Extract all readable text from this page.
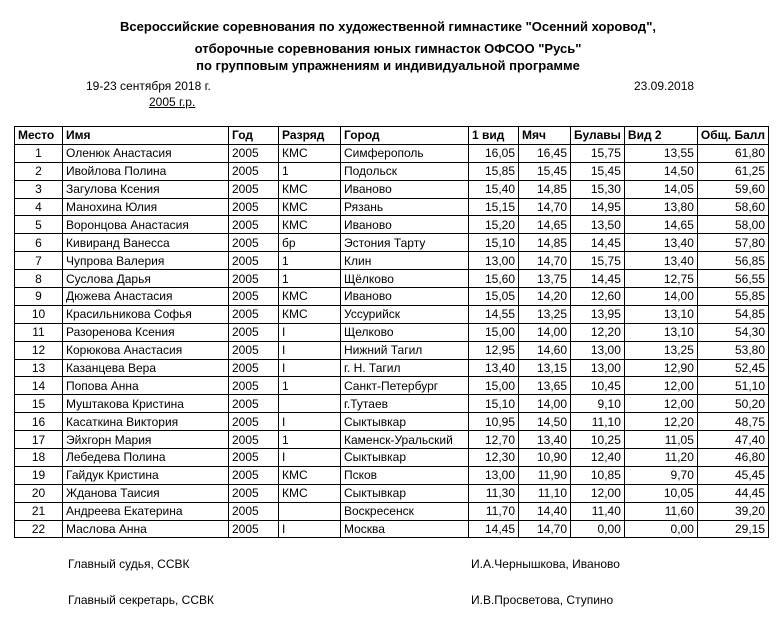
Всероссийские соревнования по художественной гимнастике "Осенний хоровод",
отборочные соревнования юных гимнасток ОФСОО "Русь"
по групповым упражнениям и индивидуальной программе
19-23 сентября 2018 г.	23.09.2018
2005 г.р.
Место	Имя	Год	Разряд	Город	1 вид	Мяч	Булавы	Вид 2	Общ. Балл
1	Оленюк Анастасия	2005	КМС	Симферополь	16,05	16,45	15,75	13,55	61,80
2	Ивойлова Полина	2005	1	Подольск	15,85	15,45	15,45	14,50	61,25
3	Загулова Ксения	2005	КМС	Иваново	15,40	14,85	15,30	14,05	59,60
4	Манохина Юлия	2005	КМС	Рязань	15,15	14,70	14,95	13,80	58,60
5	Воронцова Анастасия	2005	КМС	Иваново	15,20	14,65	13,50	14,65	58,00
6	Кивиранд Ванесса	2005	бр	Эстония Тарту	15,10	14,85	14,45	13,40	57,80
7	Чупрова Валерия	2005	1	Клин	13,00	14,70	15,75	13,40	56,85
8	Суслова Дарья	2005	1	Щёлково	15,60	13,75	14,45	12,75	56,55
9	Дюжева Анастасия	2005	КМС	Иваново	15,05	14,20	12,60	14,00	55,85
10	Красильникова Софья	2005	КМС	Уссурийск	14,55	13,25	13,95	13,10	54,85
11	Разоренова Ксения	2005	I	Щелково	15,00	14,00	12,20	13,10	54,30
12	Корюкова Анастасия	2005	I	Нижний Тагил	12,95	14,60	13,00	13,25	53,80
13	Казанцева Вера	2005	I	г. Н. Тагил	13,40	13,15	13,00	12,90	52,45
14	Попова Анна	2005	1	Санкт-Петербург	15,00	13,65	10,45	12,00	51,10
15	Муштакова Кристина	2005		г.Тутаев	15,10	14,00	9,10	12,00	50,20
16	Касаткина Виктория	2005	I	Сыктывкар	10,95	14,50	11,10	12,20	48,75
17	Эйхгорн Мария	2005	1	Каменск-Уральский	12,70	13,40	10,25	11,05	47,40
18	Лебедева Полина	2005	I	Сыктывкар	12,30	10,90	12,40	11,20	46,80
19	Гайдук Кристина	2005	КМС	Псков	13,00	11,90	10,85	9,70	45,45
20	Жданова Таисия	2005	КМС	Сыктывкар	11,30	11,10	12,00	10,05	44,45
21	Андреева Екатерина	2005		Воскресенск	11,70	14,40	11,40	11,60	39,20
22	Маслова Анна	2005	I	Москва	14,45	14,70	0,00	0,00	29,15
Главный судья, ССВК	И.А.Чернышкова, Иваново
Главный секретарь, ССВК	И.В.Просветова, Ступино
